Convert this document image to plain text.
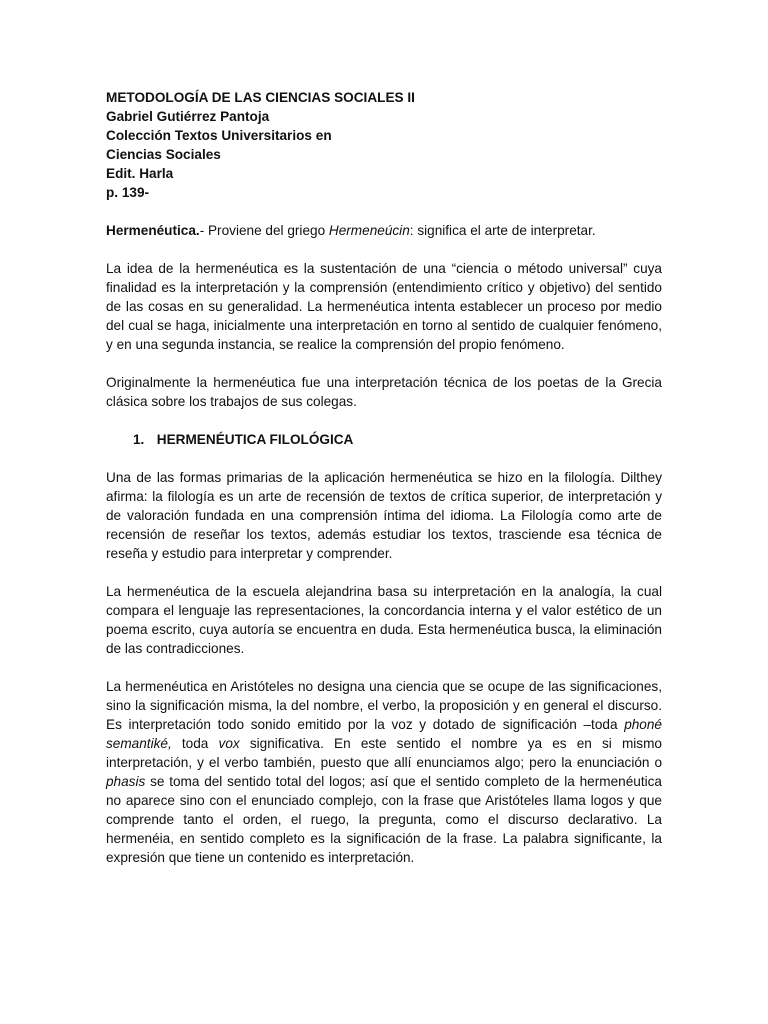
METODOLOGÍA DE LAS CIENCIAS SOCIALES II
Gabriel Gutiérrez Pantoja
Colección Textos Universitarios en
Ciencias Sociales
Edit. Harla
p. 139-

Hermenéutica.- Proviene del griego Hermeneúcin: significa el arte de interpretar.

La idea de la hermenéutica es la sustentación de una “ciencia o método universal” cuya finalidad es la interpretación y la comprensión (entendimiento crítico y objetivo) del sentido de las cosas en su generalidad. La hermenéutica intenta establecer un proceso por medio del cual se haga, inicialmente una interpretación en torno al sentido de cualquier fenómeno, y en una segunda instancia, se realice la comprensión del propio fenómeno.

Originalmente la hermenéutica fue una interpretación técnica de los poetas de la Grecia clásica sobre los trabajos de sus colegas.

1. HERMENÉUTICA FILOLÓGICA

Una de las formas primarias de la aplicación hermenéutica se hizo en la filología. Dilthey afirma: la filología es un arte de recensión de textos de crítica superior, de interpretación y de valoración fundada en una comprensión íntima del idioma. La Filología como arte de recensión de reseñar los textos, además estudiar los textos, trasciende esa técnica de reseña y estudio para interpretar y comprender.

La hermenéutica de la escuela alejandrina basa su interpretación en la analogía, la cual compara el lenguaje las representaciones, la concordancia interna y el valor estético de un poema escrito, cuya autoría se encuentra en duda. Esta hermenéutica busca, la eliminación de las contradicciones.

La hermenéutica en Aristóteles no designa una ciencia que se ocupe de las significaciones, sino la significación misma, la del nombre, el verbo, la proposición y en general el discurso. Es interpretación todo sonido emitido por la voz y dotado de significación –toda phoné semantiké, toda vox significativa. En este sentido el nombre ya es en si mismo interpretación, y el verbo también, puesto que allí enunciamos algo; pero la enunciación o phasis se toma del sentido total del logos; así que el sentido completo de la hermenéutica no aparece sino con el enunciado complejo, con la frase que Aristóteles llama logos y que comprende tanto el orden, el ruego, la pregunta, como el discurso declarativo. La hermenéia, en sentido completo es la significación de la frase. La palabra significante, la expresión que tiene un contenido es interpretación.
